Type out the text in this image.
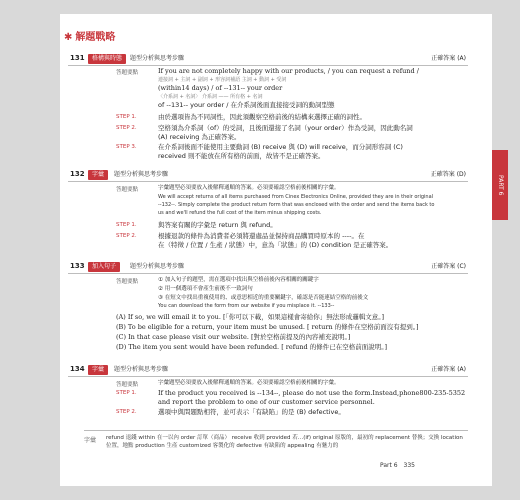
✱ 解題戰略
131	格構與時態	題型分析與思考步驟	正確答案 (A)
答題要點	If you are not completely happy with our products, / you can request a refund /
連接詞 + 主詞 + 副詞 + 形容詞補語 主詞 + 動詞 + 受詞
(within14 days) / of --131-- your order
〈介系詞 + 名詞〉 介系詞 —— 所有格 + 名詞
of --131-- your order / 在介系詞後面直接接受詞的動詞型態
STEP 1.	由於選項皆為不同詞性，因此須觀察空格前後的結構來選擇正確的詞性。
STEP 2.	空格須為介系詞（of）的受詞，且後面還接了名詞（your order）作為受詞，因此動名詞
(A) receiving 為正確答案。
STEP 3.	在介系詞後面不能使用主要動詞 (B) receive 與 (D) will receive，而分詞形容詞 (C)
received 則不能放在所有格的前面，故皆不是正確答案。
132	字彙	題型分析與思考步驟	正確答案 (D)
答題要點	字彙題型必須要放入後解釋通順的答案。必須要確認空格前後相關的字彙。
We will accept returns of all items purchased from Cinex Electronics Online, provided they are in their original
--132--. Simply complete the product return form that was enclosed with the order and send the items back to
us and we'll refund the full cost of the item minus shipping costs.
STEP 1.	與答案有關的字彙是 return 與 refund。
STEP 2.	根據退款的條件為消費者必須將還處品並保持商品購買時原本的 ----。在
在（特徵 / 位置 / 生產 / 狀態）中，意為「狀態」的 (D) condition 是正確答案。
133	加入句子	題型分析與思考步驟	正確答案 (C)
答題要點	① 加入句子的題型，需在選項中找出與空格前後內容相關的關鍵字
② 用一個選項不會產生前後不一致詞句
③ 在短文中找出重複使用的、或意思相近的重要關鍵字，確認是否能連結空格的前後文
You can download the form from our website if you misplace it. --133--
(A) If so, we will email it to you. [「你可以下載，如果這樣會寄給你」無法形成邏輯文意。]
(B) To be eligible for a return, your item must be unused. [ return 的條件在空格前面沒有提到。]
(C) In that case please visit our website. [對於空格前提及的內容補充說明。]
(D) The item you sent would have been refunded. [ refund 的條件已在空格前面說明。]
134	字彙	題型分析與思考步驟	正確答案 (A)
答題要點	字彙題型必須要放入後解釋通順的答案。必須要確認空格前後相關的字彙。
STEP 1.	If the product you received is --134--, please do not use the form.Instead,phone800-235-5352
and report the problem to one of our customer service personnel.
STEP 2.	選項中與問題點相符，並可表示「有缺陷」的是 (B) defective。
PART 6
字彙 refund 退錢 within 在一以內 order 訂單（商品） receive 收到 provided 若…(if) original 原版的，最初的 replacement 替換；交換 location 位置，地點 production 生產 customized 客製化的 defective 有缺陷的 appealing 有魅力的
Part 6 335
